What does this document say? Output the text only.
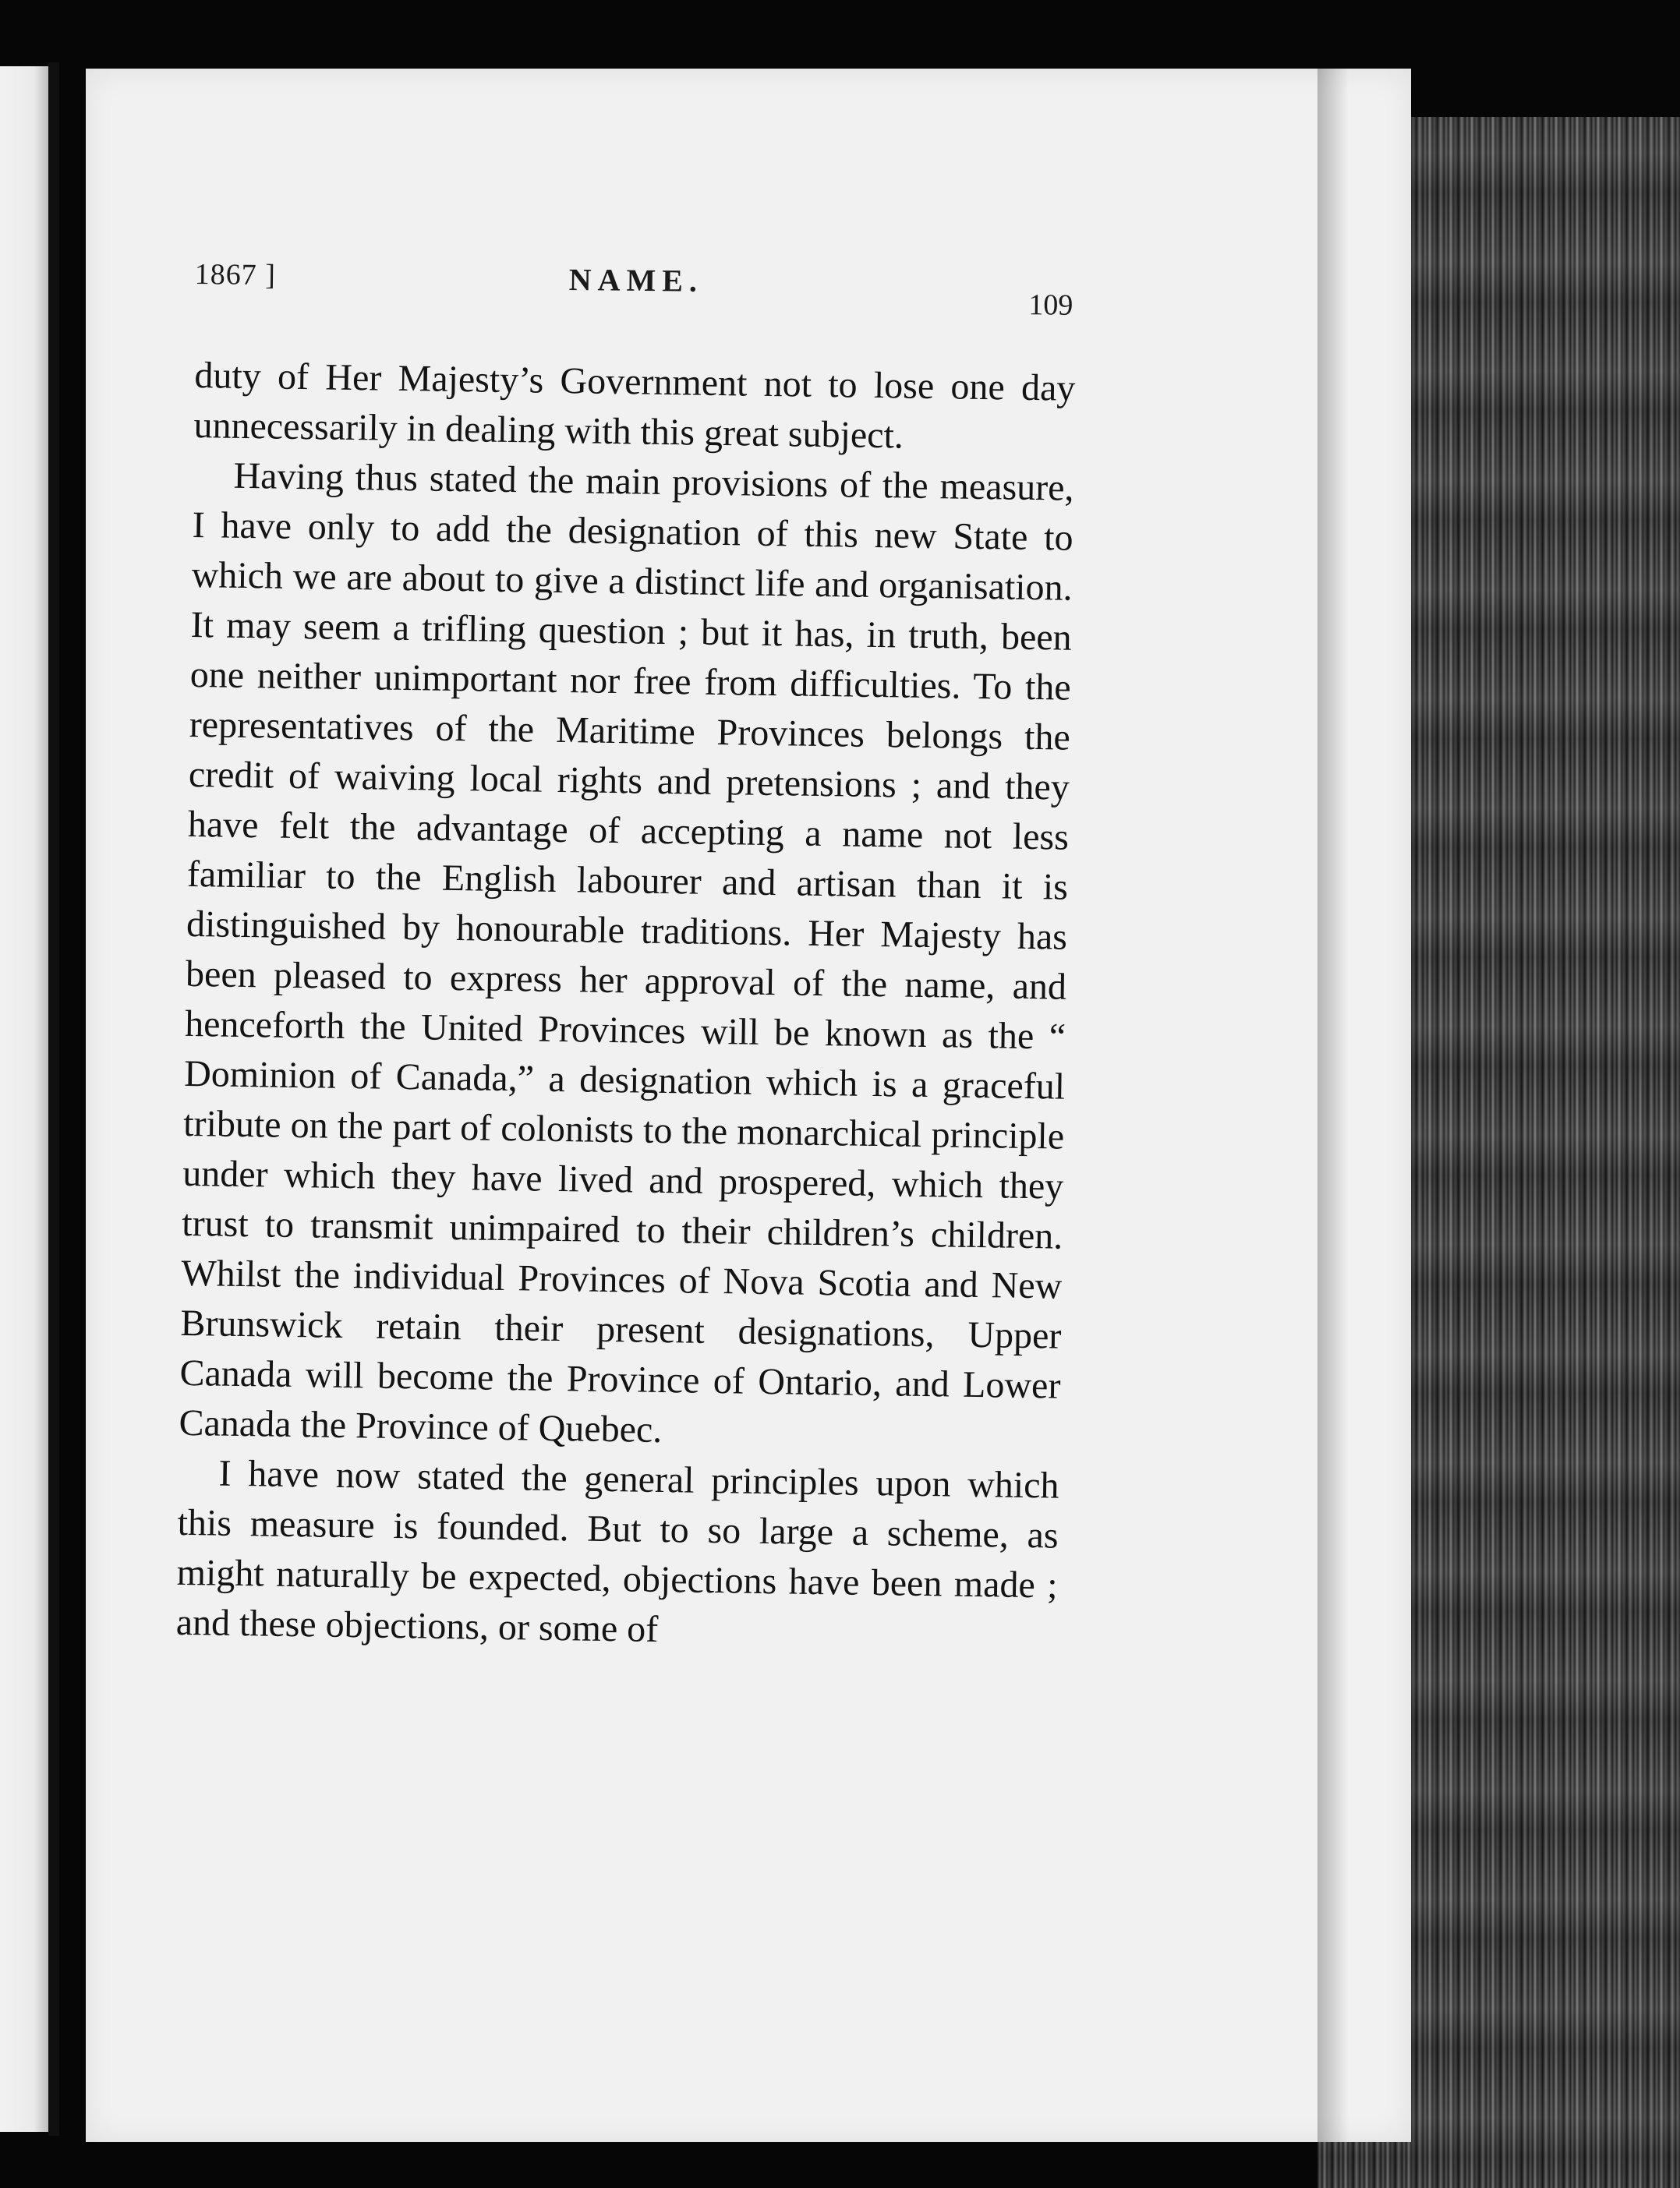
1867 ]	NAME.
109

duty of Her Majesty’s Government not to lose one day unnecessarily in dealing with this great subject.

Having thus stated the main provisions of the measure, I have only to add the designation of this new State to which we are about to give a distinct life and organisation. It may seem a trifling question ; but it has, in truth, been one neither unimportant nor free from difficulties. To the representatives of the Maritime Provinces belongs the credit of waiving local rights and pretensions ; and they have felt the advantage of accepting a name not less familiar to the English labourer and artisan than it is distinguished by honourable traditions. Her Majesty has been pleased to express her approval of the name, and henceforth the United Provinces will be known as the “ Dominion of Canada,” a designation which is a graceful tribute on the part of colonists to the monarchical principle under which they have lived and prospered, which they trust to transmit unimpaired to their children’s children. Whilst the individual Provinces of Nova Scotia and New Brunswick retain their present designations, Upper Canada will become the Province of Ontario, and Lower Canada the Province of Quebec.

I have now stated the general principles upon which this measure is founded. But to so large a scheme, as might naturally be expected, objections have been made ; and these objections, or some of
